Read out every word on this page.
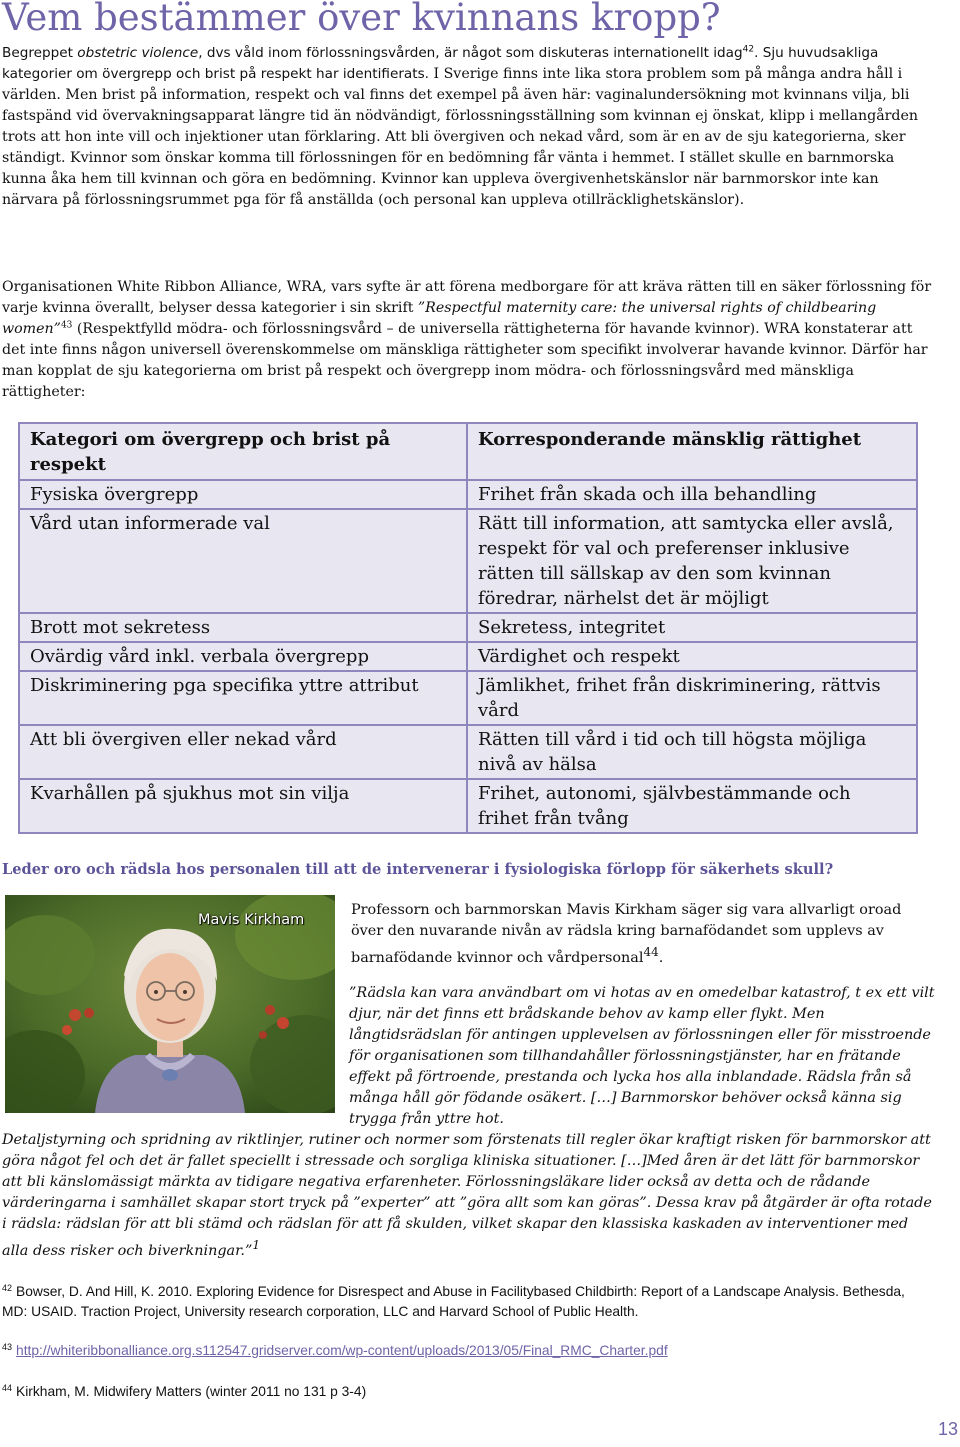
Vem bestämmer över kvinnans kropp?

Begreppet obstetric violence, dvs våld inom förlossningsvården, är något som diskuteras internationellt idag$^{42}$. Sju huvudsakliga kategorier om övergrepp och brist på respekt har identifierats. I Sverige finns inte lika stora problem som på många andra håll i världen. Men brist på information, respekt och val finns det exempel på även här: vaginalundersökning mot kvinnans vilja, bli fastspänd vid övervakningsapparat längre tid än nödvändigt, förlossningsställning som kvinnan ej önskat, klipp i mellangården trots att hon inte vill och injektioner utan förklaring. Att bli övergiven och nekad vård, som är en av de sju kategorierna, sker ständigt. Kvinnor som önskar komma till förlossningen för en bedömning får vänta i hemmet. I stället skulle en barnmorska kunna åka hem till kvinnan och göra en bedömning. Kvinnor kan uppleva övergivenhetskänslor när barnmorskor inte kan närvara på förlossningsrummet pga för få anställda (och personal kan uppleva otillräcklighetskänslor).

Organisationen White Ribbon Alliance, WRA, vars syfte är att förena medborgare för att kräva rätten till en säker förlossning för varje kvinna överallt, belyser dessa kategorier i sin skrift ”Respectful maternity care: the universal rights of childbearing women”$^{43}$ (Respektfylld mödra- och förlossningsvård – de universella rättigheterna för havande kvinnor). WRA konstaterar att det inte finns någon universell överenskommelse om mänskliga rättigheter som specifikt involverar havande kvinnor. Därför har man kopplat de sju kategorierna om brist på respekt och övergrepp inom mödra- och förlossningsvård med mänskliga rättigheter:

Kategori om övergrepp och brist på respekt	Korresponderande mänsklig rättighet
Fysiska övergrepp	Frihet från skada och illa behandling
Vård utan informerade val	Rätt till information, att samtycka eller avslå, respekt för val och preferenser inklusive rätten till sällskap av den som kvinnan föredrar, närhelst det är möjligt
Brott mot sekretess	Sekretess, integritet
Ovärdig vård inkl. verbala övergrepp	Värdighet och respekt
Diskriminering pga specifika yttre attribut	Jämlikhet, frihet från diskriminering, rättvis vård
Att bli övergiven eller nekad vård	Rätten till vård i tid och till högsta möjliga nivå av hälsa
Kvarhållen på sjukhus mot sin vilja	Frihet, autonomi, självbestämmande och frihet från tvång
Leder oro och rädsla hos personalen till att de intervenerar i fysiologiska förlopp för säkerhets skull?
Mavis Kirkham

Professorn och barnmorskan Mavis Kirkham säger sig vara allvarligt oroad över den nuvarande nivån av rädsla kring barnafödandet som upplevs av barnafödande kvinnor och vårdpersonal$^{44}$.

”Rädsla kan vara användbart om vi hotas av en omedelbar katastrof, t ex ett vilt djur, när det finns ett brådskande behov av kamp eller flykt. Men långtidsrädslan för antingen upplevelsen av förlossningen eller för misstroende för organisationen som tillhandahåller förlossningstjänster, har en frätande effekt på förtroende, prestanda och lycka hos alla inblandade. Rädsla från så många håll gör födande osäkert. […] Barnmorskor behöver också känna sig trygga från yttre hot.

Detaljstyrning och spridning av riktlinjer, rutiner och normer som förstenats till regler ökar kraftigt risken för barnmorskor att göra något fel och det är fallet speciellt i stressade och sorgliga kliniska situationer. […]Med åren är det lätt för barnmorskor att bli känslomässigt märkta av tidigare negativa erfarenheter. Förlossningsläkare lider också av detta och de rådande värderingarna i samhället skapar stort tryck på ”experter” att ”göra allt som kan göras”. Dessa krav på åtgärder är ofta rotade i rädsla: rädslan för att bli stämd och rädslan för att få skulden, vilket skapar den klassiska kaskaden av interventioner med alla dess risker och biverkningar.”$^1$

$^{42}$ Bowser, D. And Hill, K. 2010. Exploring Evidence for Disrespect and Abuse in Facilitybased Childbirth: Report of a Landscape Analysis. Bethesda, MD: USAID. Traction Project, University research corporation, LLC and Harvard School of Public Health.

$^{43}$ http://whiteribbonalliance.org.s112547.gridserver.com/wp-content/uploads/2013/05/Final_RMC_Charter.pdf

$^{44}$ Kirkham, M. Midwifery Matters (winter 2011 no 131 p 3-4)

13
